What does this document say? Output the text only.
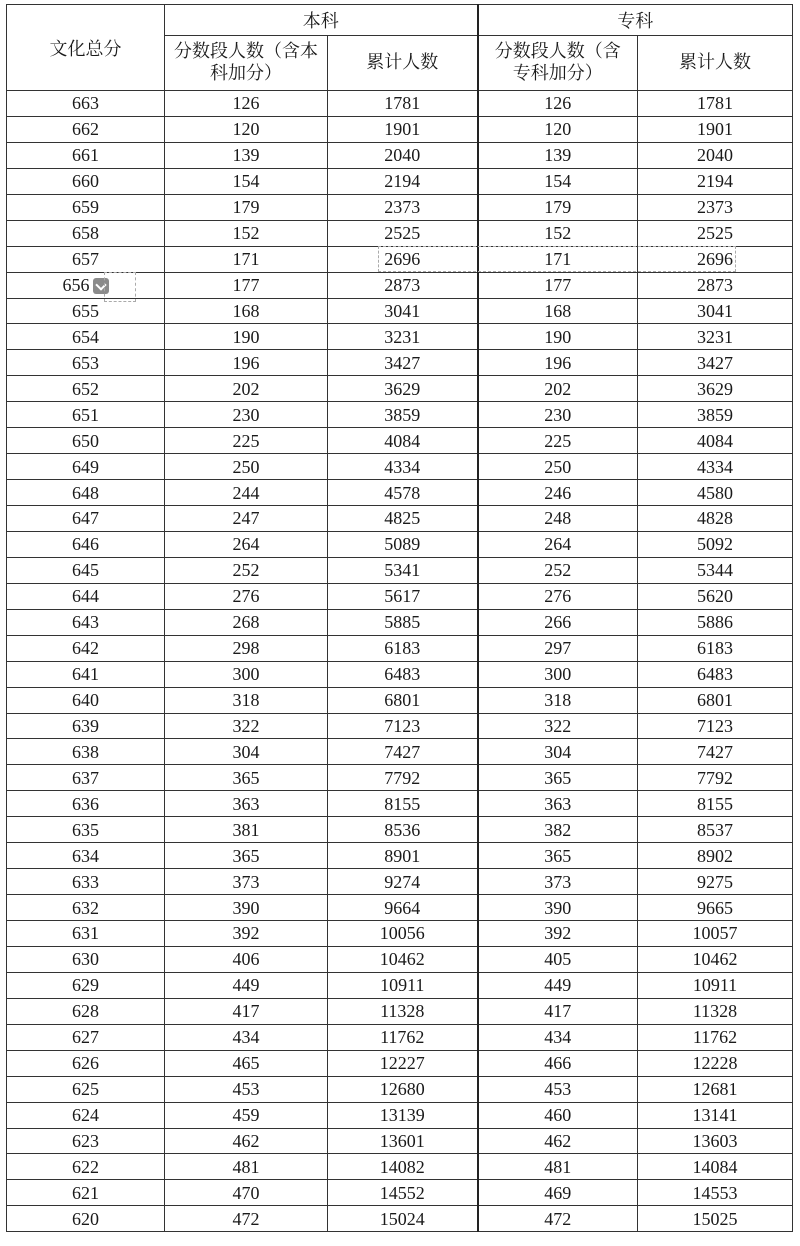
文化总分	本科		专科	
	分数段人数（含本科加分）	累计人数	分数段人数（含专科加分）	累计人数
663	126	1781	126	1781
662	120	1901	120	1901
661	139	2040	139	2040
660	154	2194	154	2194
659	179	2373	179	2373
658	152	2525	152	2525
657	171	2696	171	2696
656	177	2873	177	2873
655	168	3041	168	3041
654	190	3231	190	3231
653	196	3427	196	3427
652	202	3629	202	3629
651	230	3859	230	3859
650	225	4084	225	4084
649	250	4334	250	4334
648	244	4578	246	4580
647	247	4825	248	4828
646	264	5089	264	5092
645	252	5341	252	5344
644	276	5617	276	5620
643	268	5885	266	5886
642	298	6183	297	6183
641	300	6483	300	6483
640	318	6801	318	6801
639	322	7123	322	7123
638	304	7427	304	7427
637	365	7792	365	7792
636	363	8155	363	8155
635	381	8536	382	8537
634	365	8901	365	8902
633	373	9274	373	9275
632	390	9664	390	9665
631	392	10056	392	10057
630	406	10462	405	10462
629	449	10911	449	10911
628	417	11328	417	11328
627	434	11762	434	11762
626	465	12227	466	12228
625	453	12680	453	12681
624	459	13139	460	13141
623	462	13601	462	13603
622	481	14082	481	14084
621	470	14552	469	14553
620	472	15024	472	15025
